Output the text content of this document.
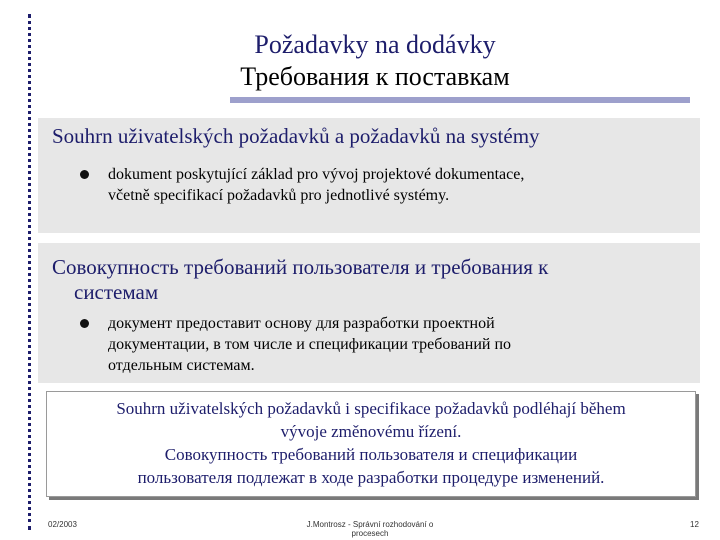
Požadavky na dodávky
Требования к поставкам
Souhrn uživatelských požadavků a požadavků na systémy
dokument poskytující základ pro vývoj projektové dokumentace,
včetně specifikací požadavků pro jednotlivé systémy.
Совокупность требований пользователя и требования к
системам
документ предоставит основу для разработки проектной
документации, в том числе и спецификации требований по
отдельным системам.

Souhrn uživatelských požadavků i specifikace požadavků podléhají během

vývoje změnovému řízení.

Совокупность требований пользователя и спецификации

пользователя подлежат в ходе разработки процедуре изменений.

02/2003	J.Montrosz - Správní rozhodování o procesech
12
